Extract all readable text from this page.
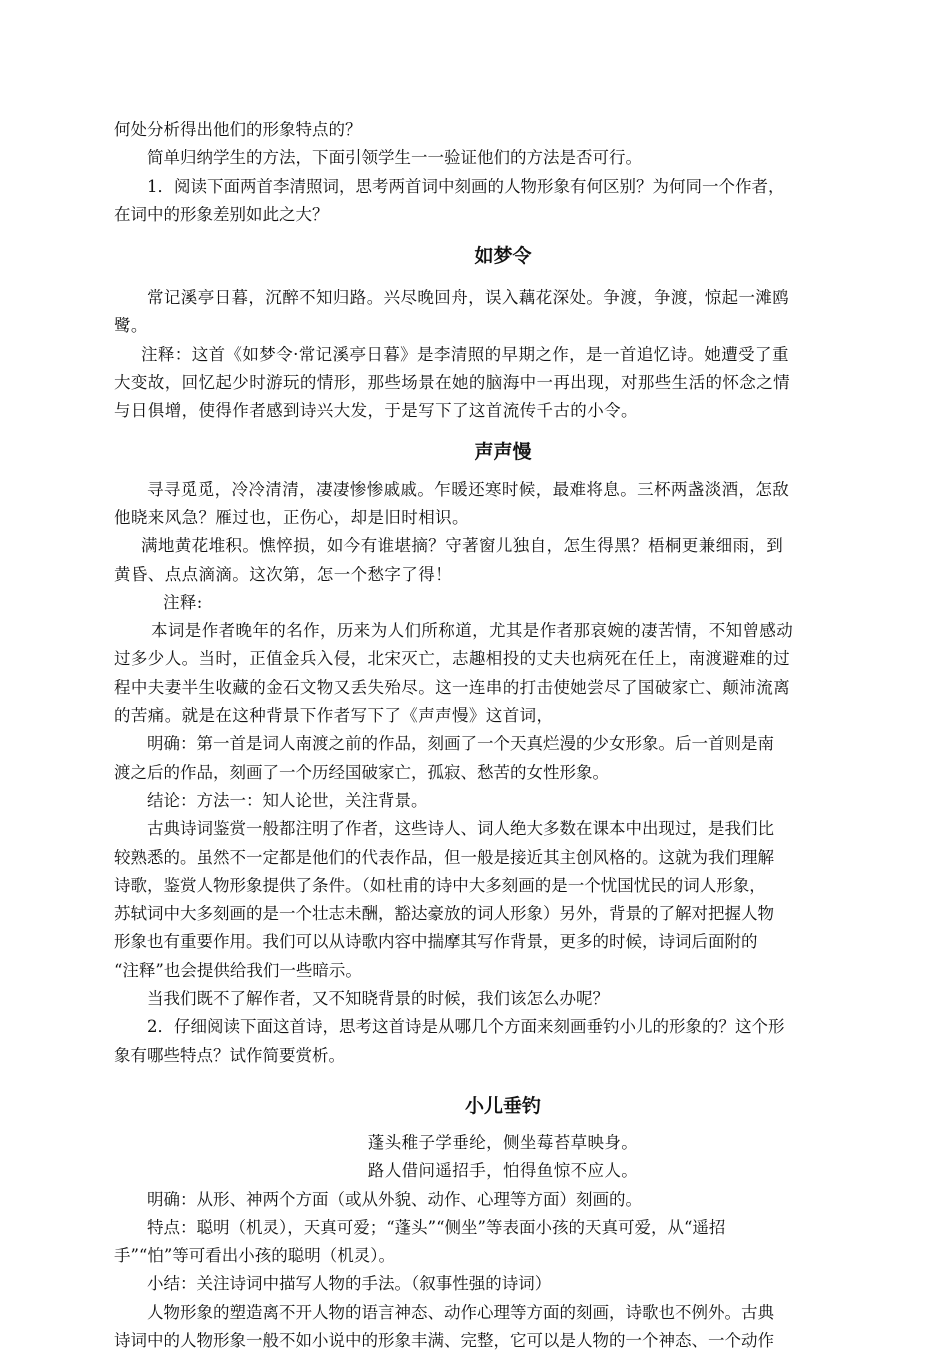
何处分析得出他们的形象特点的？

简单归纳学生的方法，下面引领学生一一验证他们的方法是否可行。

1．阅读下面两首李清照词，思考两首词中刻画的人物形象有何区别？为何同一个作者，

在词中的形象差别如此之大？

如梦令

常记溪亭日暮，沉醉不知归路。兴尽晚回舟，误入藕花深处。争渡，争渡，惊起一滩鸥

鹭。

注释：这首《如梦令·常记溪亭日暮》是李清照的早期之作，是一首追忆诗。她遭受了重

大变故，回忆起少时游玩的情形，那些场景在她的脑海中一再出现，对那些生活的怀念之情

与日俱增，使得作者感到诗兴大发，于是写下了这首流传千古的小令。

声声慢

寻寻觅觅，冷冷清清，凄凄惨惨戚戚。乍暖还寒时候，最难将息。三杯两盏淡酒，怎敌

他晓来风急？雁过也，正伤心，却是旧时相识。

满地黄花堆积。憔悴损，如今有谁堪摘？守著窗儿独自，怎生得黑？梧桐更兼细雨，到

黄昏、点点滴滴。这次第，怎一个愁字了得！

注释:

本词是作者晚年的名作，历来为人们所称道，尤其是作者那哀婉的凄苦情，不知曾感动

过多少人。当时，正值金兵入侵，北宋灭亡，志趣相投的丈夫也病死在任上，南渡避难的过

程中夫妻半生收藏的金石文物又丢失殆尽。这一连串的打击使她尝尽了国破家亡、颠沛流离

的苦痛。就是在这种背景下作者写下了《声声慢》这首词，

明确：第一首是词人南渡之前的作品，刻画了一个天真烂漫的少女形象。后一首则是南

渡之后的作品，刻画了一个历经国破家亡，孤寂、愁苦的女性形象。

结论：方法一：知人论世，关注背景。

古典诗词鉴赏一般都注明了作者，这些诗人、词人绝大多数在课本中出现过，是我们比

较熟悉的。虽然不一定都是他们的代表作品，但一般是接近其主创风格的。这就为我们理解

诗歌，鉴赏人物形象提供了条件。（如杜甫的诗中大多刻画的是一个忧国忧民的词人形象，

苏轼词中大多刻画的是一个壮志未酬，豁达豪放的词人形象）另外，背景的了解对把握人物

形象也有重要作用。我们可以从诗歌内容中揣摩其写作背景，更多的时候，诗词后面附的

“注释”也会提供给我们一些暗示。

当我们既不了解作者，又不知晓背景的时候，我们该怎么办呢？

2．仔细阅读下面这首诗，思考这首诗是从哪几个方面来刻画垂钓小儿的形象的？这个形

象有哪些特点？试作简要赏析。

小儿垂钓

蓬头稚子学垂纶，侧坐莓苔草映身。

路人借问遥招手，怕得鱼惊不应人。

明确：从形、神两个方面（或从外貌、动作、心理等方面）刻画的。

特点：聪明（机灵），天真可爱；“蓬头”“侧坐”等表面小孩的天真可爱，从“遥招

手”“怕”等可看出小孩的聪明（机灵）。

小结：关注诗词中描写人物的手法。（叙事性强的诗词）

人物形象的塑造离不开人物的语言神态、动作心理等方面的刻画，诗歌也不例外。古典

诗词中的人物形象一般不如小说中的形象丰满、完整，它可以是人物的一个神态、一个动作
